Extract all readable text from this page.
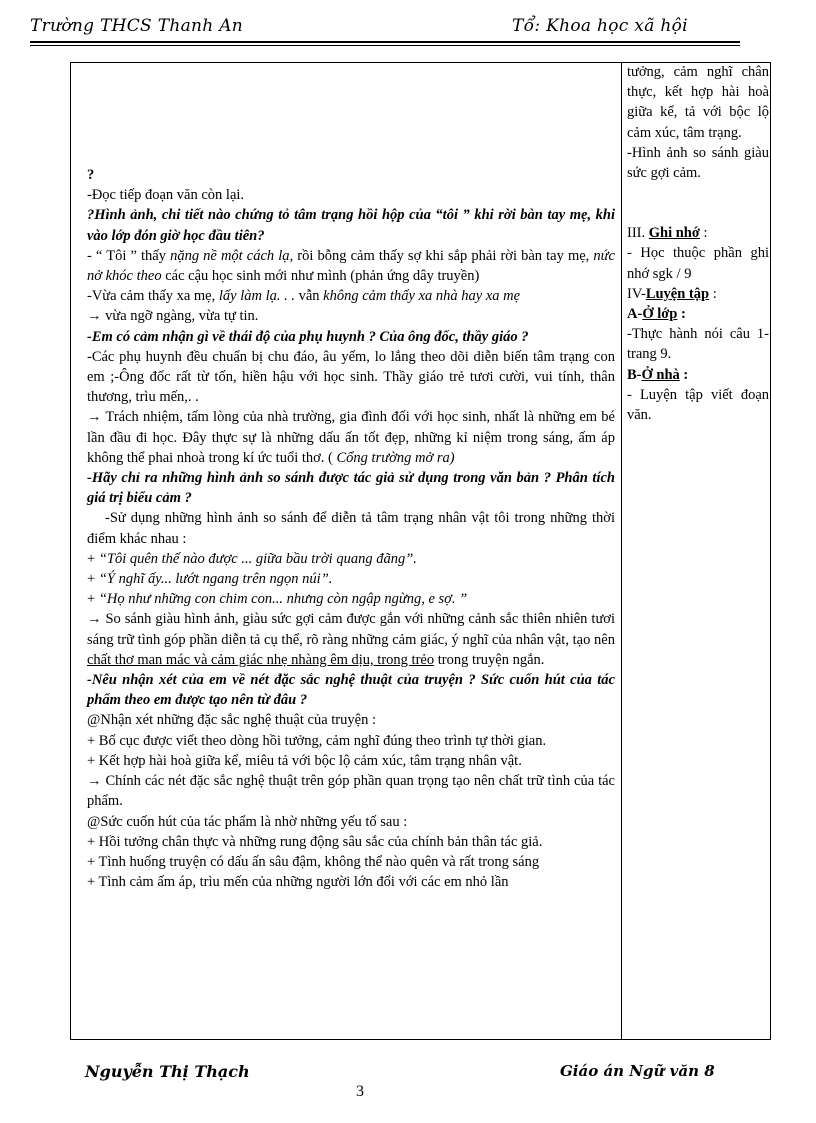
Trường THCS Thanh An	Tổ: Khoa học xã hội

?

-Đọc tiếp đoạn văn còn lại.

?Hình ảnh, chi tiết nào chứng tỏ tâm trạng hồi hộp của “tôi ” khi rời bàn tay mẹ, khi vào lớp đón giờ học đầu tiên?

- “ Tôi ” thấy nặng nề một cách lạ, rồi bỗng cảm thấy sợ khi sắp phải rời bàn tay mẹ, nức nở khóc theo các cậu học sinh mới như mình (phản ứng dây truyền)

-Vừa cảm thấy xa mẹ, lấy làm lạ. . . vẫn không cảm thấy xa nhà hay xa mẹ

→ vừa ngỡ ngàng, vừa tự tin.

-Em có cảm nhận gì về thái độ của phụ huynh ? Của ông đốc, thầy giáo ?

-Các phụ huynh đều chuẩn bị chu đáo, âu yếm, lo lắng theo dõi diễn biến tâm trạng con em ;-Ông đốc rất từ tốn, hiền hậu với học sinh. Thầy giáo trẻ tươi cười, vui tính, thân thương, trìu mến,. .

→ Trách nhiệm, tấm lòng của nhà trường, gia đình đối với học sinh, nhất là những em bé lần đầu đi học. Đây thực sự là những dấu ấn tốt đẹp, những kỉ niệm trong sáng, ấm áp không thể phai nhoà trong kí ức tuổi thơ. ( Cổng trường mở ra)

-Hãy chỉ ra những hình ảnh so sánh được tác giả sử dụng trong văn bản ? Phân tích giá trị biểu cảm ?

-Sử dụng những hình ảnh so sánh để diễn tả tâm trạng nhân vật tôi trong những thời điểm khác nhau :

+ “Tôi quên thế nào được ... giữa bầu trời quang đãng”.

+ “Ý nghĩ ấy... lướt ngang trên ngọn núi”.

+ “Họ như những con chim con... nhưng còn ngập ngừng, e sợ. ”

→ So sánh giàu hình ảnh, giàu sức gợi cảm được gắn với những cảnh sắc thiên nhiên tươi sáng trữ tình góp phần diễn tả cụ thể, rõ ràng những cảm giác, ý nghĩ của nhân vật, tạo nên chất thơ man mác và cảm giác nhẹ nhàng êm dịu, trong trẻo trong truyện ngắn.

-Nêu nhận xét của em về nét đặc sắc nghệ thuật của truyện ? Sức cuốn hút của tác phẩm theo em được tạo nên từ đâu ?

@Nhận xét những đặc sắc nghệ thuật của truyện :

+ Bố cục được viết theo dòng hồi tưởng, cảm nghĩ đúng theo trình tự thời gian.

+ Kết hợp hài hoà giữa kể, miêu tả với bộc lộ cảm xúc, tâm trạng nhân vật.

→ Chính các nét đặc sắc nghệ thuật trên góp phần quan trọng tạo nên chất trữ tình của tác phẩm.

@Sức cuốn hút của tác phẩm là nhờ những yếu tố sau :

+ Hồi tưởng chân thực và những rung động sâu sắc của chính bản thân tác giả.

+ Tình huống truyện có dấu ấn sâu đậm, không thể nào quên và rất trong sáng

+ Tình cảm ấm áp, trìu mến của những người lớn đối với các em nhỏ lần

tưởng, cảm nghĩ chân thực, kết hợp hài hoà giữa kể, tả với bộc lộ cảm xúc, tâm trạng.

-Hình ảnh so sánh giàu sức gợi cảm.

III. Ghi nhớ :

- Học thuộc phần ghi nhớ sgk / 9

IV-Luyện tập :

A-Ở lớp :

-Thực hành nói câu 1-trang 9.

B-Ở nhà :

- Luyện tập viết đoạn văn.

Nguyễn Thị Thạch	Giáo án Ngữ văn 8
3
